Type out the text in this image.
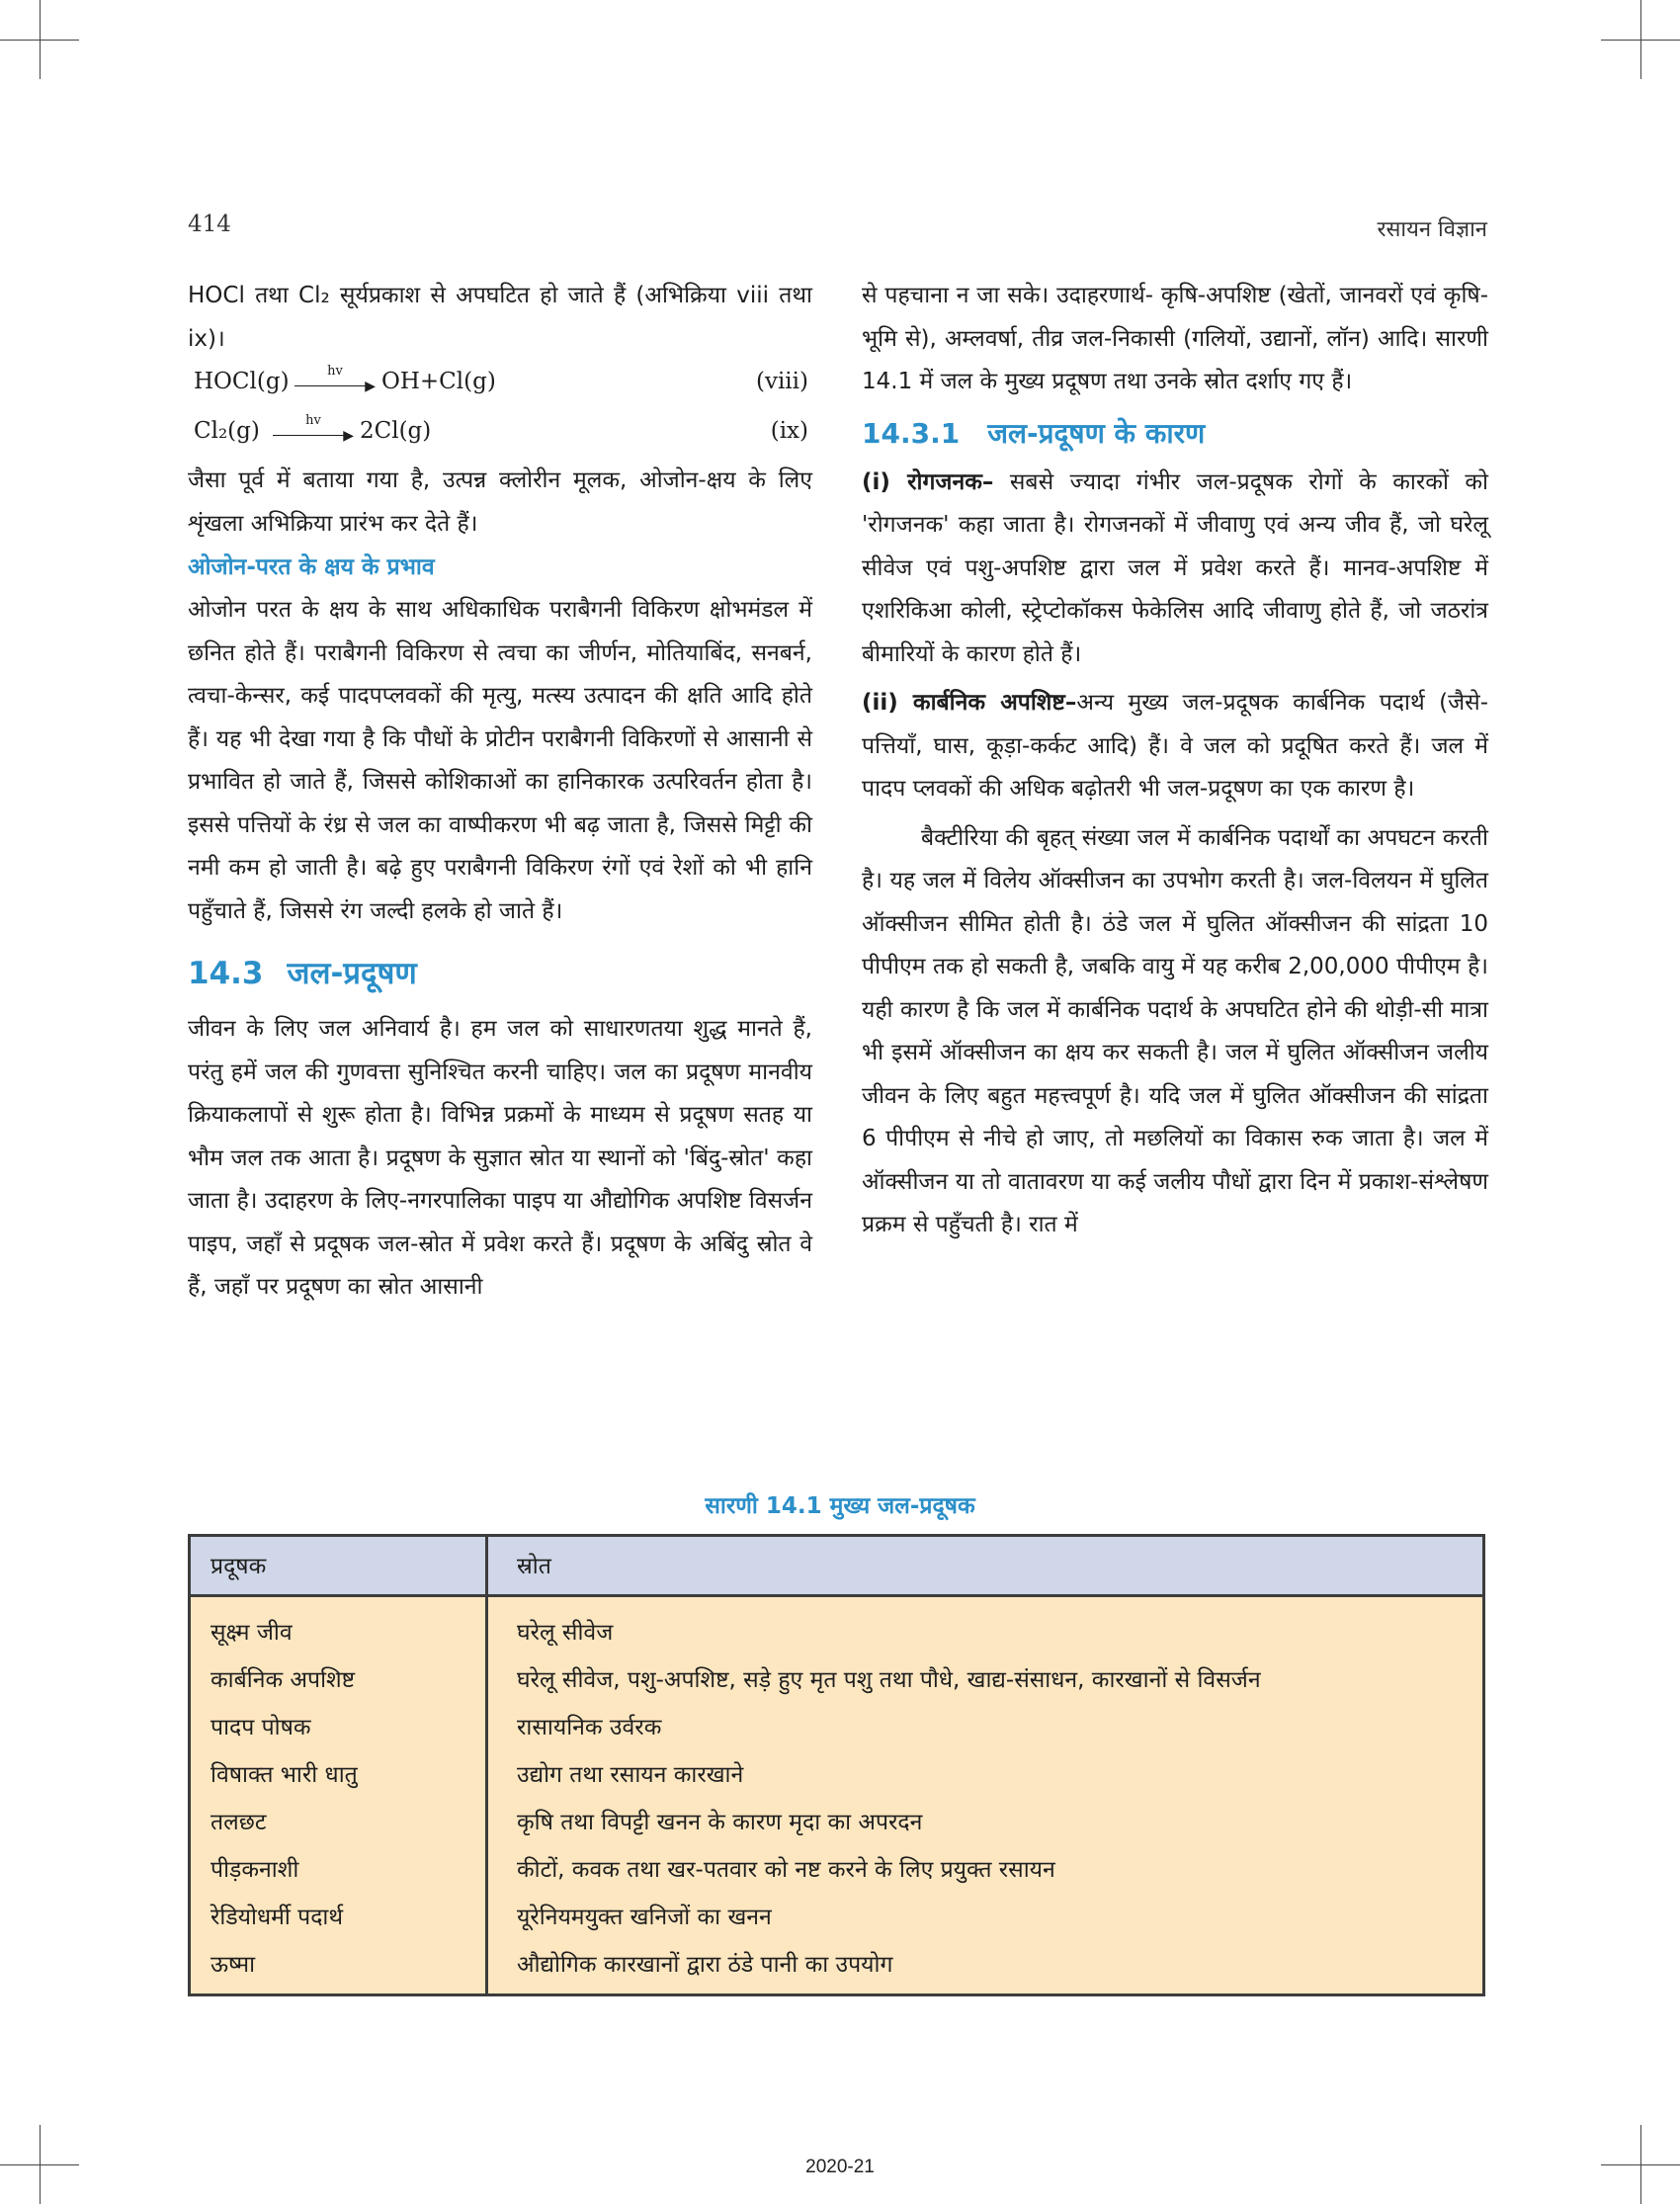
414	रसायन विज्ञान

HOCl तथा Cl₂ सूर्यप्रकाश से अपघटित हो जाते हैं (अभिक्रिया viii तथा ix)।

HOCl(g)	hv
▶ OH+Cl(g)	(viii)
Cl₂(g)	hv
▶ 2Cl(g)	(ix)

जैसा पूर्व में बताया गया है, उत्पन्न क्लोरीन मूलक, ओजोन-क्षय के लिए शृंखला अभिक्रिया प्रारंभ कर देते हैं।

ओजोन-परत के क्षय के प्रभाव

ओजोन परत के क्षय के साथ अधिकाधिक पराबैगनी विकिरण क्षोभमंडल में छनित होते हैं। पराबैगनी विकिरण से त्वचा का जीर्णन, मोतियाबिंद, सनबर्न, त्वचा-केन्सर, कई पादपप्लवकों की मृत्यु, मत्स्य उत्पादन की क्षति आदि होते हैं। यह भी देखा गया है कि पौधों के प्रोटीन पराबैगनी विकिरणों से आसानी से प्रभावित हो जाते हैं, जिससे कोशिकाओं का हानिकारक उत्परिवर्तन होता है। इससे पत्तियों के रंध्र से जल का वाष्पीकरण भी बढ़ जाता है, जिससे मिट्टी की नमी कम हो जाती है। बढ़े हुए पराबैगनी विकिरण रंगों एवं रेशों को भी हानि पहुँचाते हैं, जिससे रंग जल्दी हलके हो जाते हैं।

14.3 जल-प्रदूषण

जीवन के लिए जल अनिवार्य है। हम जल को साधारणतया शुद्ध मानते हैं, परंतु हमें जल की गुणवत्ता सुनिश्चित करनी चाहिए। जल का प्रदूषण मानवीय क्रियाकलापों से शुरू होता है। विभिन्न प्रक्रमों के माध्यम से प्रदूषण सतह या भौम जल तक आता है। प्रदूषण के सुज्ञात स्रोत या स्थानों को 'बिंदु-स्रोत' कहा जाता है। उदाहरण के लिए-नगरपालिका पाइप या औद्योगिक अपशिष्ट विसर्जन पाइप, जहाँ से प्रदूषक जल-स्रोत में प्रवेश करते हैं। प्रदूषण के अबिंदु स्रोत वे हैं, जहाँ पर प्रदूषण का स्रोत आसानी

से पहचाना न जा सके। उदाहरणार्थ- कृषि-अपशिष्ट (खेतों, जानवरों एवं कृषि-भूमि से), अम्लवर्षा, तीव्र जल-निकासी (गलियों, उद्यानों, लॉन) आदि। सारणी 14.1 में जल के मुख्य प्रदूषण तथा उनके स्रोत दर्शाए गए हैं।

14.3.1 जल-प्रदूषण के कारण

(i) रोगजनक– सबसे ज्यादा गंभीर जल-प्रदूषक रोगों के कारकों को 'रोगजनक' कहा जाता है। रोगजनकों में जीवाणु एवं अन्य जीव हैं, जो घरेलू सीवेज एवं पशु-अपशिष्ट द्वारा जल में प्रवेश करते हैं। मानव-अपशिष्ट में एशरिकिआ कोली, स्ट्रेप्टोकॉकस फेकेलिस आदि जीवाणु होते हैं, जो जठरांत्र बीमारियों के कारण होते हैं।

(ii) कार्बनिक अपशिष्ट–अन्य मुख्य जल-प्रदूषक कार्बनिक पदार्थ (जैसे-पत्तियाँ, घास, कूड़ा-कर्कट आदि) हैं। वे जल को प्रदूषित करते हैं। जल में पादप प्लवकों की अधिक बढ़ोतरी भी जल-प्रदूषण का एक कारण है।

बैक्टीरिया की बृहत् संख्या जल में कार्बनिक पदार्थों का अपघटन करती है। यह जल में विलेय ऑक्सीजन का उपभोग करती है। जल-विलयन में घुलित ऑक्सीजन सीमित होती है। ठंडे जल में घुलित ऑक्सीजन की सांद्रता 10 पीपीएम तक हो सकती है, जबकि वायु में यह करीब 2,00,000 पीपीएम है। यही कारण है कि जल में कार्बनिक पदार्थ के अपघटित होने की थोड़ी-सी मात्रा भी इसमें ऑक्सीजन का क्षय कर सकती है। जल में घुलित ऑक्सीजन जलीय जीवन के लिए बहुत महत्त्वपूर्ण है। यदि जल में घुलित ऑक्सीजन की सांद्रता 6 पीपीएम से नीचे हो जाए, तो मछलियों का विकास रुक जाता है। जल में ऑक्सीजन या तो वातावरण या कई जलीय पौधों द्वारा दिन में प्रकाश-संश्लेषण प्रक्रम से पहुँचती है। रात में

सारणी 14.1 मुख्य जल-प्रदूषक
प्रदूषक	स्रोत
सूक्ष्म जीव	घरेलू सीवेज
कार्बनिक अपशिष्ट	घरेलू सीवेज, पशु-अपशिष्ट, सड़े हुए मृत पशु तथा पौधे, खाद्य-संसाधन, कारखानों से विसर्जन
पादप पोषक	रासायनिक उर्वरक
विषाक्त भारी धातु	उद्योग तथा रसायन कारखाने
तलछट	कृषि तथा विपट्टी खनन के कारण मृदा का अपरदन
पीड़कनाशी	कीटों, कवक तथा खर-पतवार को नष्ट करने के लिए प्रयुक्त रसायन
रेडियोधर्मी पदार्थ	यूरेनियमयुक्त खनिजों का खनन
ऊष्मा	औद्योगिक कारखानों द्वारा ठंडे पानी का उपयोग
2020-21
